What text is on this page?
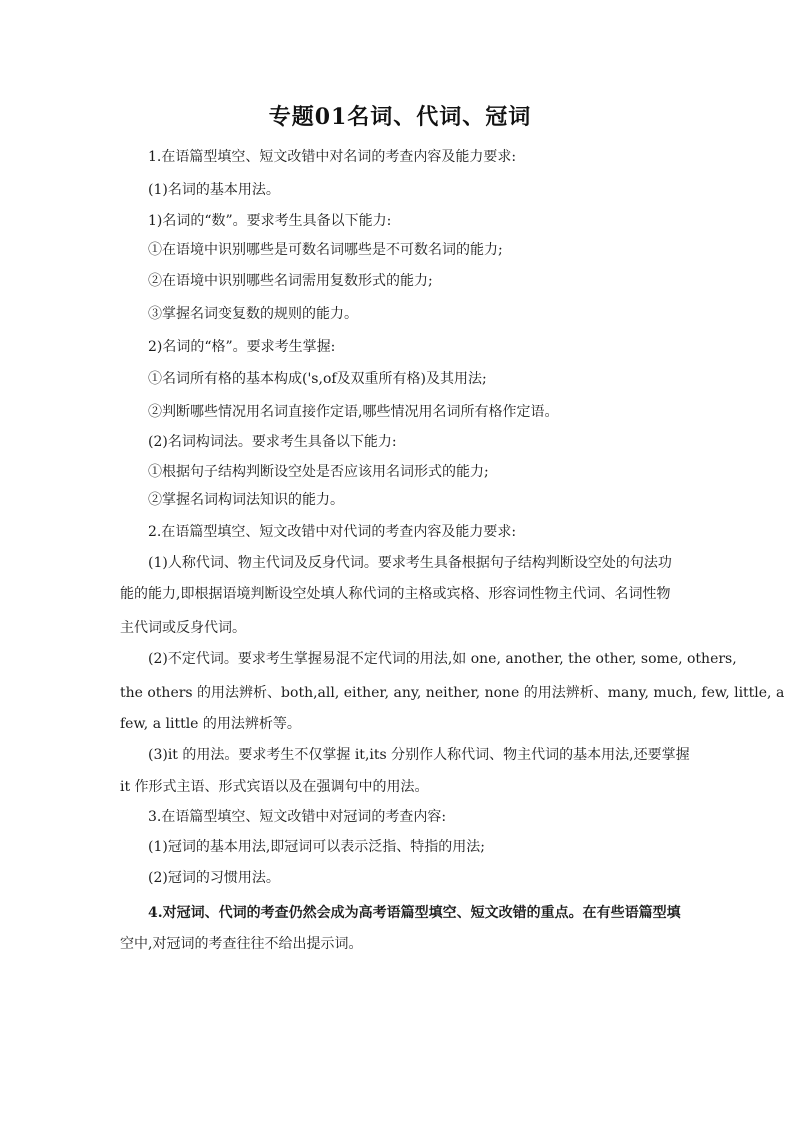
专题01名词、代词、冠词
1.在语篇型填空、短文改错中对名词的考查内容及能力要求:
(1)名词的基本用法。
1)名词的“数”。要求考生具备以下能力:
①在语境中识别哪些是可数名词哪些是不可数名词的能力;
②在语境中识别哪些名词需用复数形式的能力;
③掌握名词变复数的规则的能力。
2)名词的“格”。要求考生掌握:
①名词所有格的基本构成('s,of及双重所有格)及其用法;
②判断哪些情况用名词直接作定语,哪些情况用名词所有格作定语。
(2)名词构词法。要求考生具备以下能力:
①根据句子结构判断设空处是否应该用名词形式的能力;
②掌握名词构词法知识的能力。
2.在语篇型填空、短文改错中对代词的考查内容及能力要求:
(1)人称代词、物主代词及反身代词。要求考生具备根据句子结构判断设空处的句法功
能的能力,即根据语境判断设空处填人称代词的主格或宾格、形容词性物主代词、名词性物
主代词或反身代词。
(2)不定代词。要求考生掌握易混不定代词的用法,如 one, another, the other, some, others,
the others 的用法辨析、both,all, either, any, neither, none 的用法辨析、many, much, few, little, a
few, a little 的用法辨析等。
(3)it 的用法。要求考生不仅掌握 it,its 分别作人称代词、物主代词的基本用法,还要掌握
it 作形式主语、形式宾语以及在强调句中的用法。
3.在语篇型填空、短文改错中对冠词的考查内容:
(1)冠词的基本用法,即冠词可以表示泛指、特指的用法;
(2)冠词的习惯用法。
4.对冠词、代词的考查仍然会成为高考语篇型填空、短文改错的重点。在有些语篇型填
空中,对冠词的考查往往不给出提示词。
